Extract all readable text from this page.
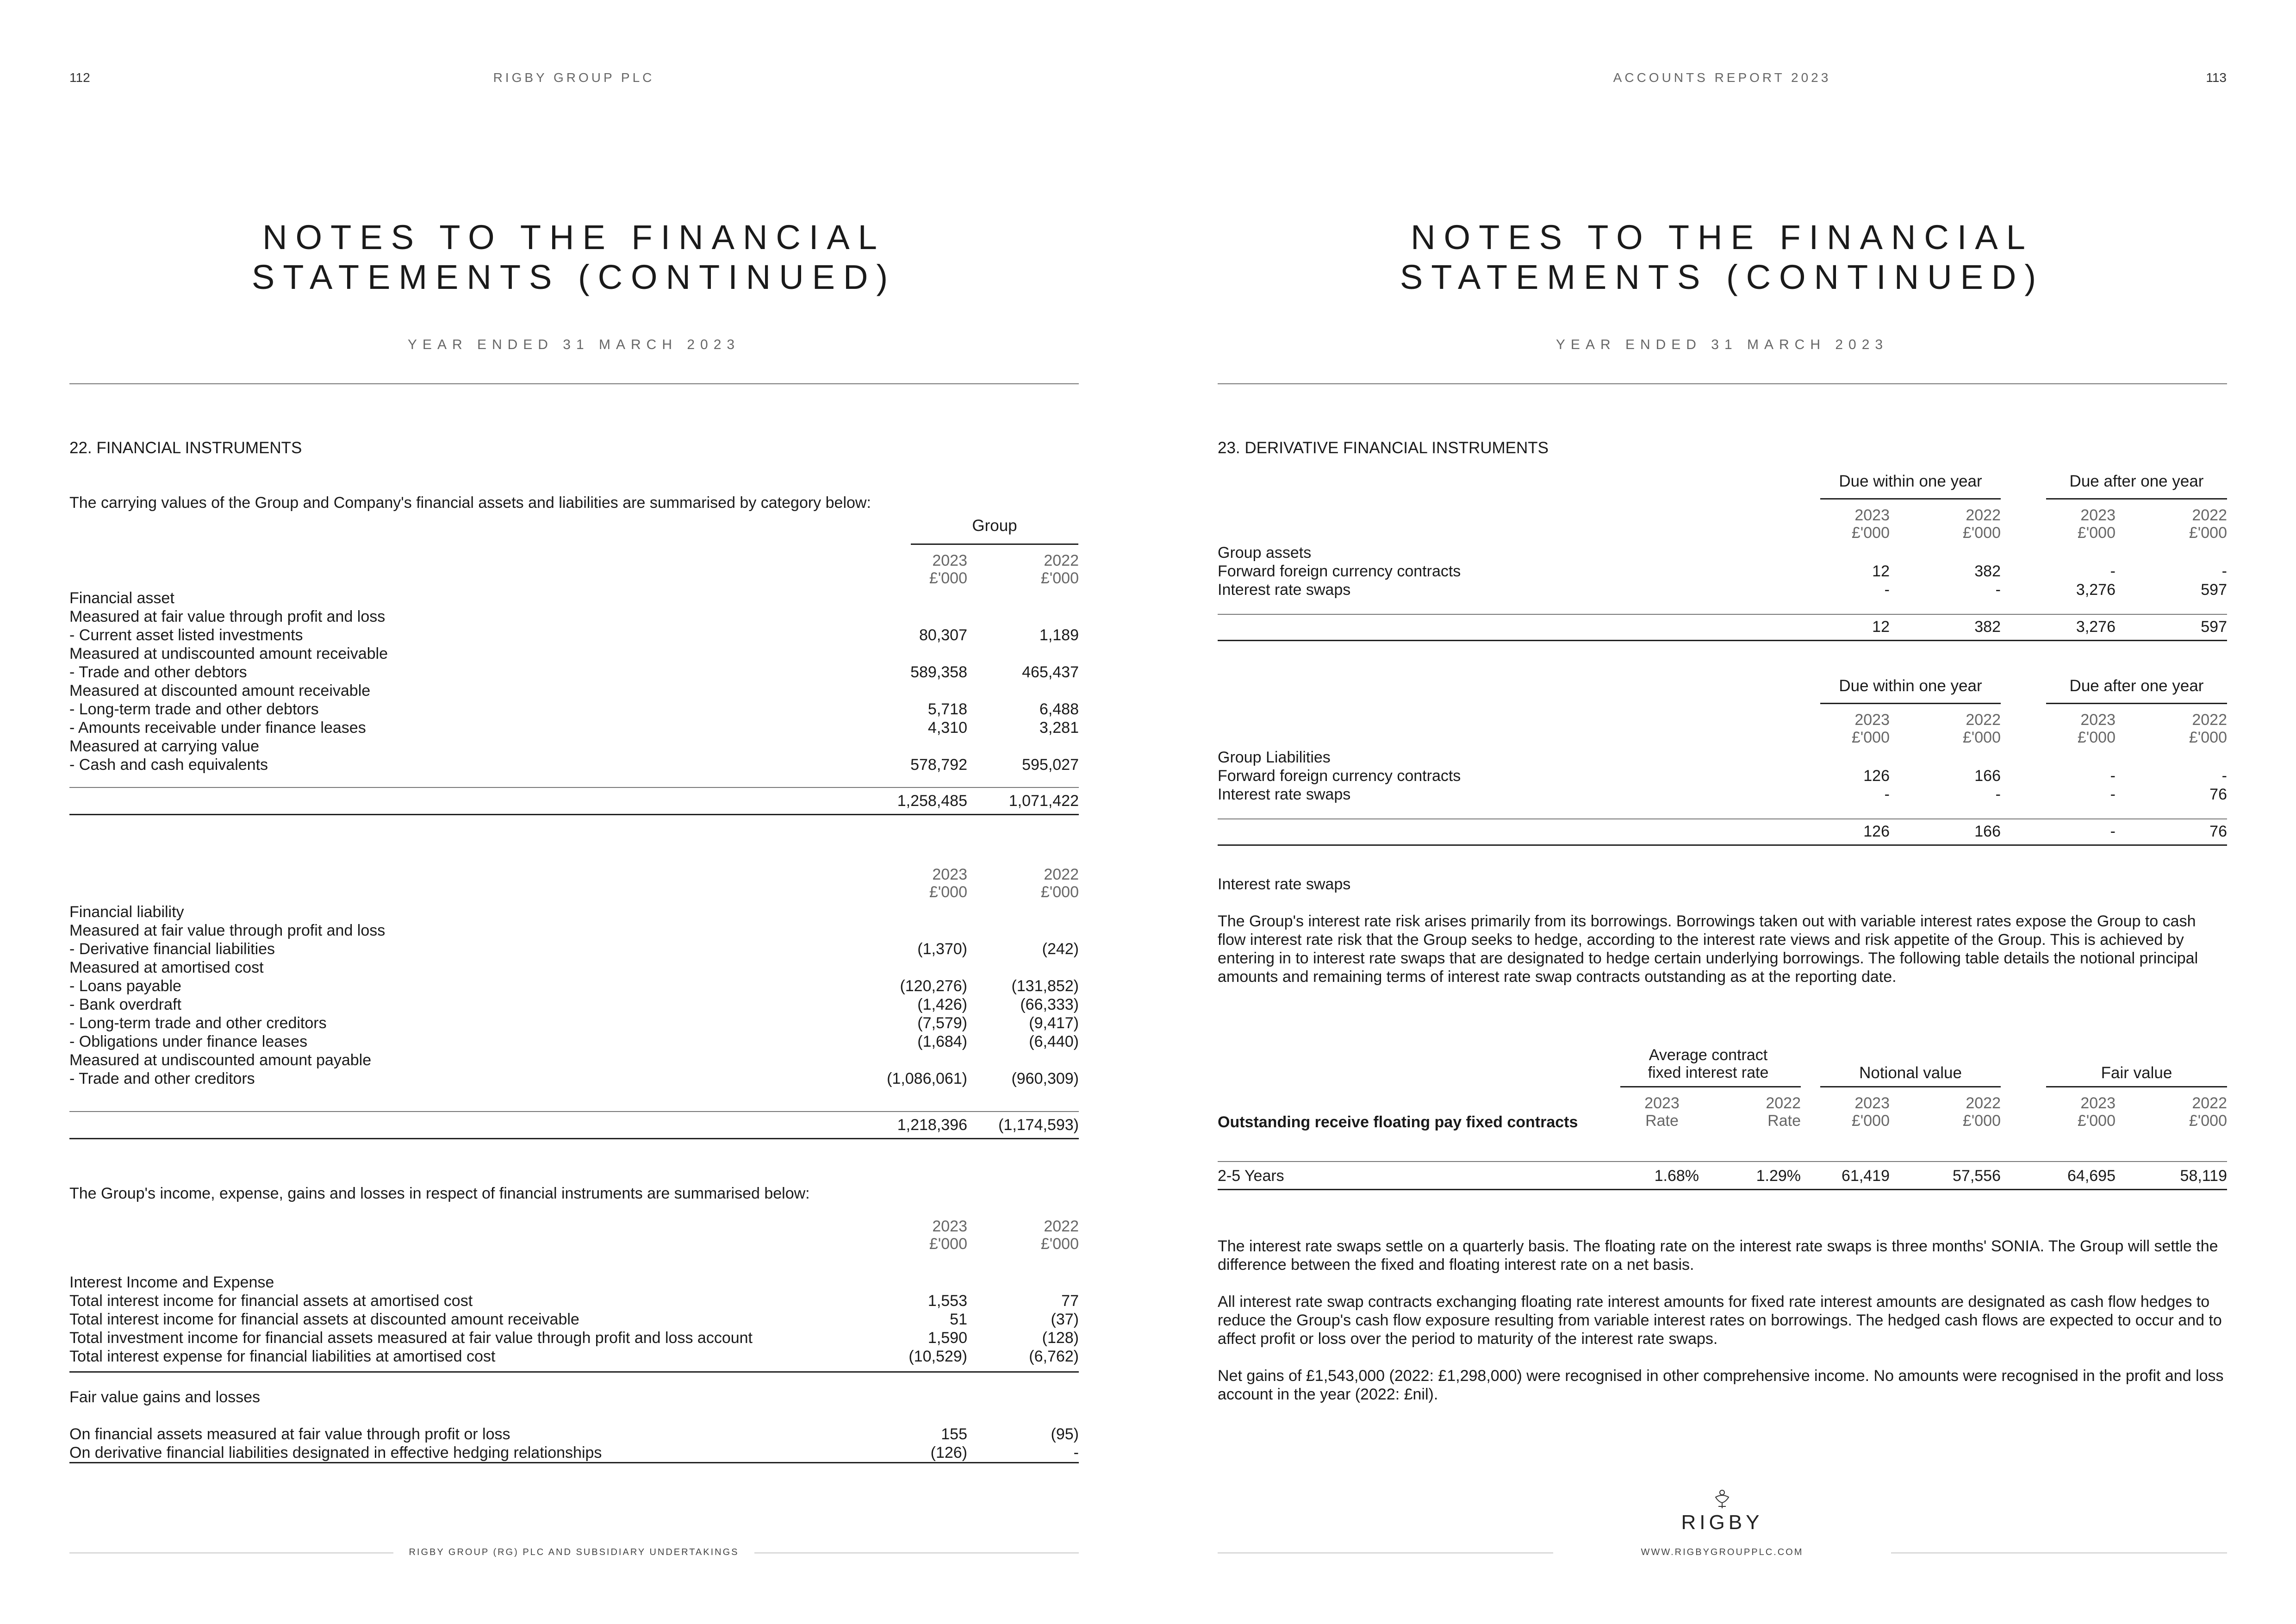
112	RIGBY GROUP PLC
NOTES TO THE FINANCIAL
STATEMENTS (CONTINUED)
YEAR ENDED 31 MARCH 2023
22. FINANCIAL INSTRUMENTS
The carrying values of the Group and Company's financial assets and liabilities are summarised by category below:
Group
2023	2022
£'000	£'000
Financial asset
Measured at fair value through profit and loss
- Current asset listed investments	80,307	1,189
Measured at undiscounted amount receivable
- Trade and other debtors	589,358	465,437
Measured at discounted amount receivable
- Long-term trade and other debtors	5,718	6,488
- Amounts receivable under finance leases	4,310	3,281
Measured at carrying value
- Cash and cash equivalents	578,792	595,027
1,258,485	1,071,422
2023	2022
£'000	£'000
Financial liability
Measured at fair value through profit and loss
- Derivative financial liabilities	(1,370)	(242)
Measured at amortised cost
- Loans payable	(120,276)	(131,852)
- Bank overdraft	(1,426)	(66,333)
- Long-term trade and other creditors	(7,579)	(9,417)
- Obligations under finance leases	(1,684)	(6,440)
Measured at undiscounted amount payable
- Trade and other creditors	(1,086,061)	(960,309)
1,218,396	(1,174,593)
The Group's income, expense, gains and losses in respect of financial instruments are summarised below:
2023	2022
£'000	£'000
Interest Income and Expense
Total interest income for financial assets at amortised cost	1,553	77
Total interest income for financial assets at discounted amount receivable	51	(37)
Total investment income for financial assets measured at fair value through profit and loss account	1,590	(128)
Total interest expense for financial liabilities at amortised cost	(10,529)	(6,762)
Fair value gains and losses
On financial assets measured at fair value through profit or loss	155	(95)
On derivative financial liabilities designated in effective hedging relationships	(126)	-
RIGBY GROUP (RG) PLC AND SUBSIDIARY UNDERTAKINGS
ACCOUNTS REPORT 2023	113
NOTES TO THE FINANCIAL
STATEMENTS (CONTINUED)
YEAR ENDED 31 MARCH 2023
23. DERIVATIVE FINANCIAL INSTRUMENTS
Due within one year	Due after one year
2023	2022	2023	2022
£'000	£'000	£'000	£'000
Group assets
Forward foreign currency contracts	12	382	-	-
Interest rate swaps	-	-	3,276	597
12	382	3,276	597
Due within one year	Due after one year
2023	2022	2023	2022
£'000	£'000	£'000	£'000
Group Liabilities
Forward foreign currency contracts	126	166	-	-
Interest rate swaps	-	-	-	76
126	166	-	76
Interest rate swaps
The Group's interest rate risk arises primarily from its borrowings. Borrowings taken out with variable interest rates expose the Group to cash flow interest rate risk that the Group seeks to hedge, according to the interest rate views and risk appetite of the Group. This is achieved by entering in to interest rate swaps that are designated to hedge certain underlying borrowings. The following table details the notional principal amounts and remaining terms of interest rate swap contracts outstanding as at the reporting date.
Average contract
fixed interest rate	Notional value	Fair value
2023	2022	2023	2022	2023	2022
Outstanding receive floating pay fixed contracts	Rate	Rate	£'000	£'000	£'000	£'000
2-5 Years	1.68%	1.29%	61,419	57,556	64,695	58,119
The interest rate swaps settle on a quarterly basis. The floating rate on the interest rate swaps is three months' SONIA. The Group will settle the difference between the fixed and floating interest rate on a net basis.
All interest rate swap contracts exchanging floating rate interest amounts for fixed rate interest amounts are designated as cash flow hedges to reduce the Group's cash flow exposure resulting from variable interest rates on borrowings. The hedged cash flows are expected to occur and to affect profit or loss over the period to maturity of the interest rate swaps.
Net gains of £1,543,000 (2022: £1,298,000) were recognised in other comprehensive income. No amounts were recognised in the profit and loss account in the year (2022: £nil).
RIGBY
WWW.RIGBYGROUPPLC.COM
